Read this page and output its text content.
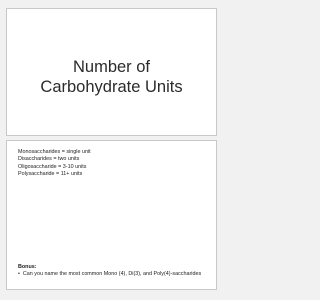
Number of
Carbohydrate Units
Monosaccharides = single unit
Disaccharides = two units
Oligosaccharide = 3-10 units
Polysaccharide = 11+ units
Bonus:
• Can you name the most common Mono (4), Di(3), and Poly(4)-saccharides
